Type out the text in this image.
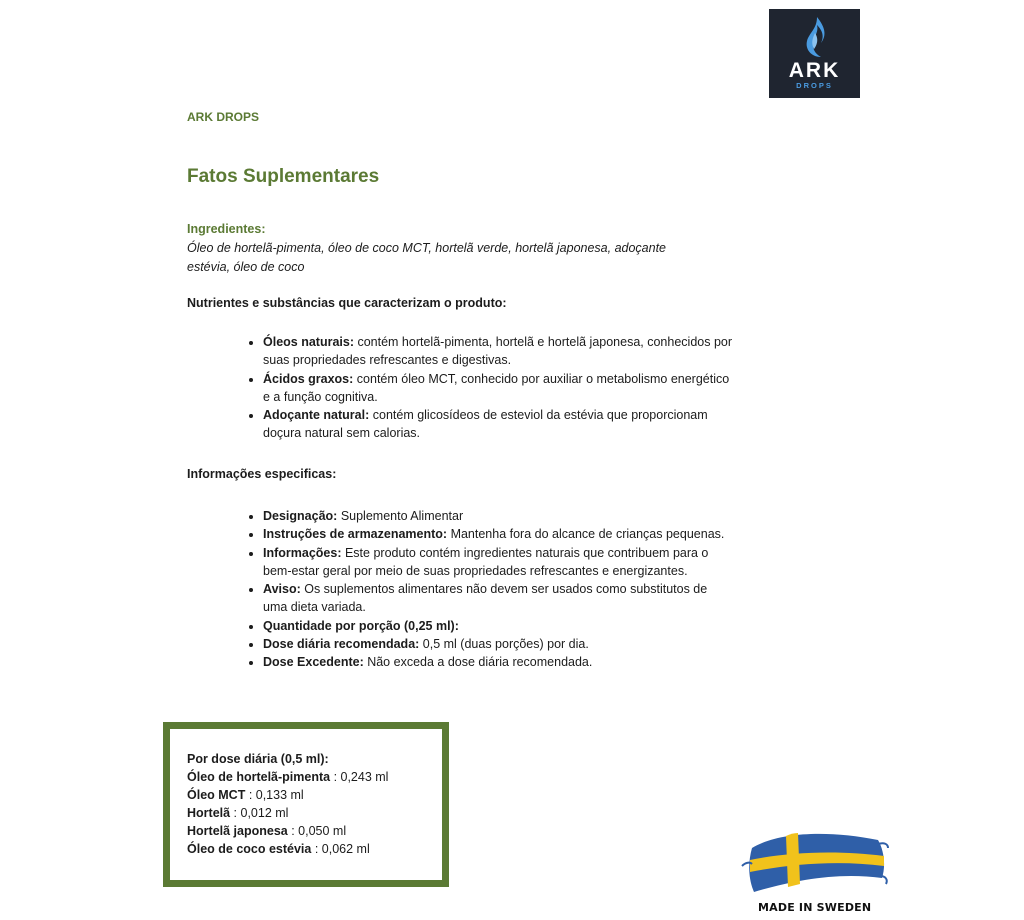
ARK
DROPS

ARK DROPS

Fatos Suplementares

Ingredientes:

Óleo de hortelã-pimenta, óleo de coco MCT, hortelã verde, hortelã japonesa, adoçante estévia, óleo de coco

Nutrientes e substâncias que caracterizam o produto:

• Óleos naturais: contém hortelã-pimenta, hortelã e hortelã japonesa, conhecidos por suas propriedades refrescantes e digestivas.
• Ácidos graxos: contém óleo MCT, conhecido por auxiliar o metabolismo energético e a função cognitiva.
• Adoçante natural: contém glicosídeos de esteviol da estévia que proporcionam doçura natural sem calorias.

Informações especificas:

• Designação: Suplemento Alimentar
• Instruções de armazenamento: Mantenha fora do alcance de crianças pequenas.
• Informações: Este produto contém ingredientes naturais que contribuem para o bem-estar geral por meio de suas propriedades refrescantes e energizantes.
• Aviso: Os suplementos alimentares não devem ser usados como substitutos de uma dieta variada.
• Quantidade por porção (0,25 ml):
• Dose diária recomendada: 0,5 ml (duas porções) por dia.
• Dose Excedente: Não exceda a dose diária recomendada.
Por dose diária (0,5 ml):
Óleo de hortelã-pimenta : 0,243 ml
Óleo MCT : 0,133 ml
Hortelã : 0,012 ml
Hortelã japonesa : 0,050 ml
Óleo de coco estévia : 0,062 ml
MADE IN SWEDEN
